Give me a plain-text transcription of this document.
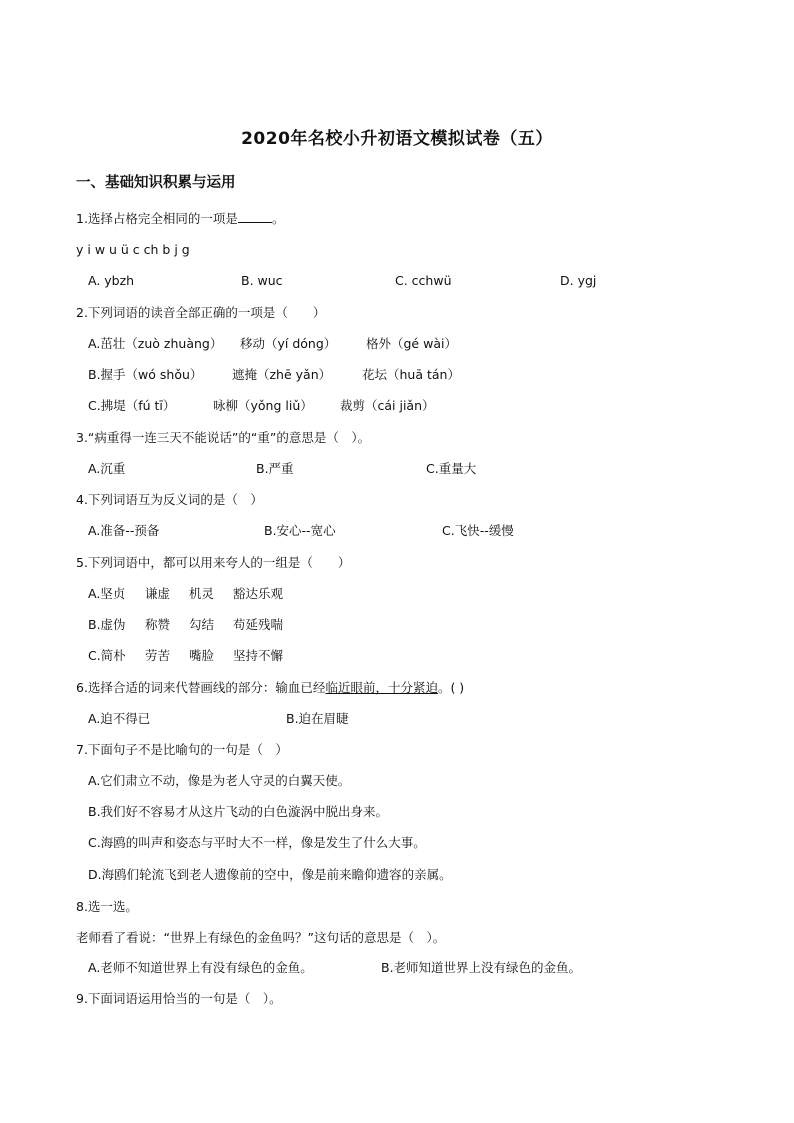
2020年名校小升初语文模拟试卷（五）
一、基础知识积累与运用
1.选择占格完全相同的一项是	。
y i w u ü c ch b j g
A. ybzh	B. wuc	C. cchwü	D. ygj
2.下列词语的读音全部正确的一项是（　　）
A.茁壮（zuò zhuàng） 移动（yí dóng） 格外（gé wài）
B.握手（wó shǒu） 遮掩（zhē yǎn） 花坛（huā tán）
C.拂堤（fú tī）	咏柳（yǒng liǔ） 裁剪（cái jiǎn）
3.“病重得一连三天不能说话”的“重”的意思是（　）。
A.沉重	B.严重	C.重量大
4.下列词语互为反义词的是（　）
A.准备--预备	B.安心--宽心	C.飞快--缓慢
5.下列词语中，都可以用来夸人的一组是（　　）
A.坚贞 谦虚 机灵 豁达乐观
B.虚伪 称赞 勾结 苟延残喘
C.简朴 劳苦 嘴脸 坚持不懈
6.选择合适的词来代替画线的部分：输血已经临近眼前，十分紧迫。( )
A.迫不得已	B.迫在眉睫
7.下面句子不是比喻句的一句是（　）
A.它们肃立不动，像是为老人守灵的白翼天使。
B.我们好不容易才从这片飞动的白色漩涡中脱出身来。
C.海鸥的叫声和姿态与平时大不一样，像是发生了什么大事。
D.海鸥们轮流飞到老人遗像前的空中，像是前来瞻仰遗容的亲属。
8.选一选。
老师看了看说：“世界上有绿色的金鱼吗？”这句话的意思是（　）。
A.老师不知道世界上有没有绿色的金鱼。	B.老师知道世界上没有绿色的金鱼。
9.下面词语运用恰当的一句是（　）。
